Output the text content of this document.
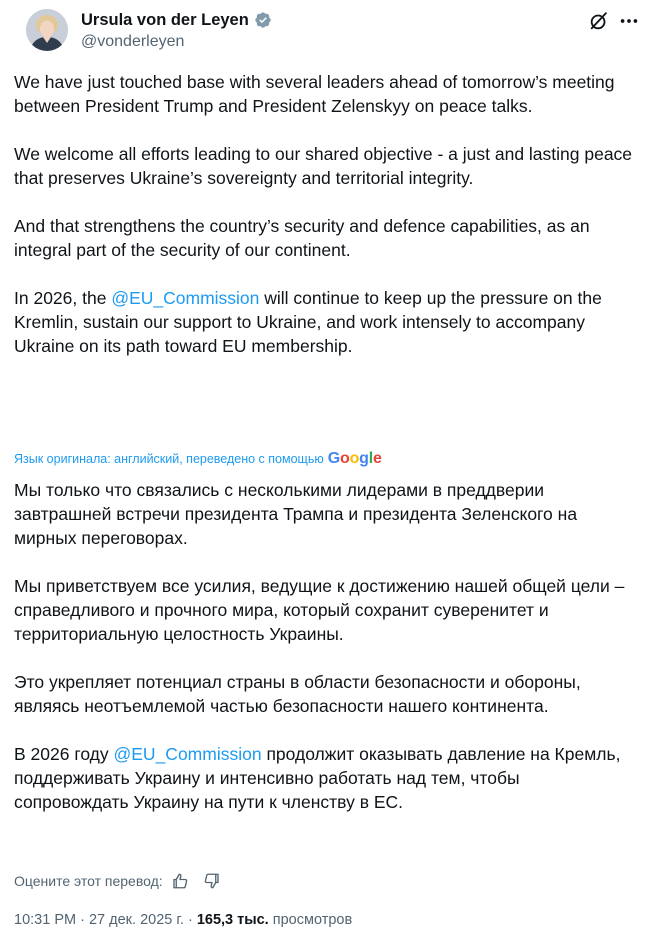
Ursula von der Leyen
@vonderleyen

We have just touched base with several leaders ahead of tomorrow’s meeting between President Trump and President Zelenskyy on peace talks.

We welcome all efforts leading to our shared objective - a just and lasting peace that preserves Ukraine’s sovereignty and territorial integrity.

And that strengthens the country’s security and defence capabilities, as an integral part of the security of our continent.

In 2026, the @EU_Commission will continue to keep up the pressure on the Kremlin, sustain our support to Ukraine, and work intensely to accompany Ukraine on its path toward EU membership.

Язык оригинала: английский, переведено с помощью Google

Мы только что связались с несколькими лидерами в преддверии завтрашней встречи президента Трампа и президента Зеленского на мирных переговорах.

Мы приветствуем все усилия, ведущие к достижению нашей общей цели – справедливого и прочного мира, который сохранит суверенитет и территориальную целостность Украины.

Это укрепляет потенциал страны в области безопасности и обороны, являясь неотъемлемой частью безопасности нашего континента.

В 2026 году @EU_Commission продолжит оказывать давление на Кремль, поддерживать Украину и интенсивно работать над тем, чтобы сопровождать Украину на пути к членству в ЕС.

Оцените этот перевод:
10:31 PM · 27 дек. 2025 г. · 165,3 тыс. просмотров
